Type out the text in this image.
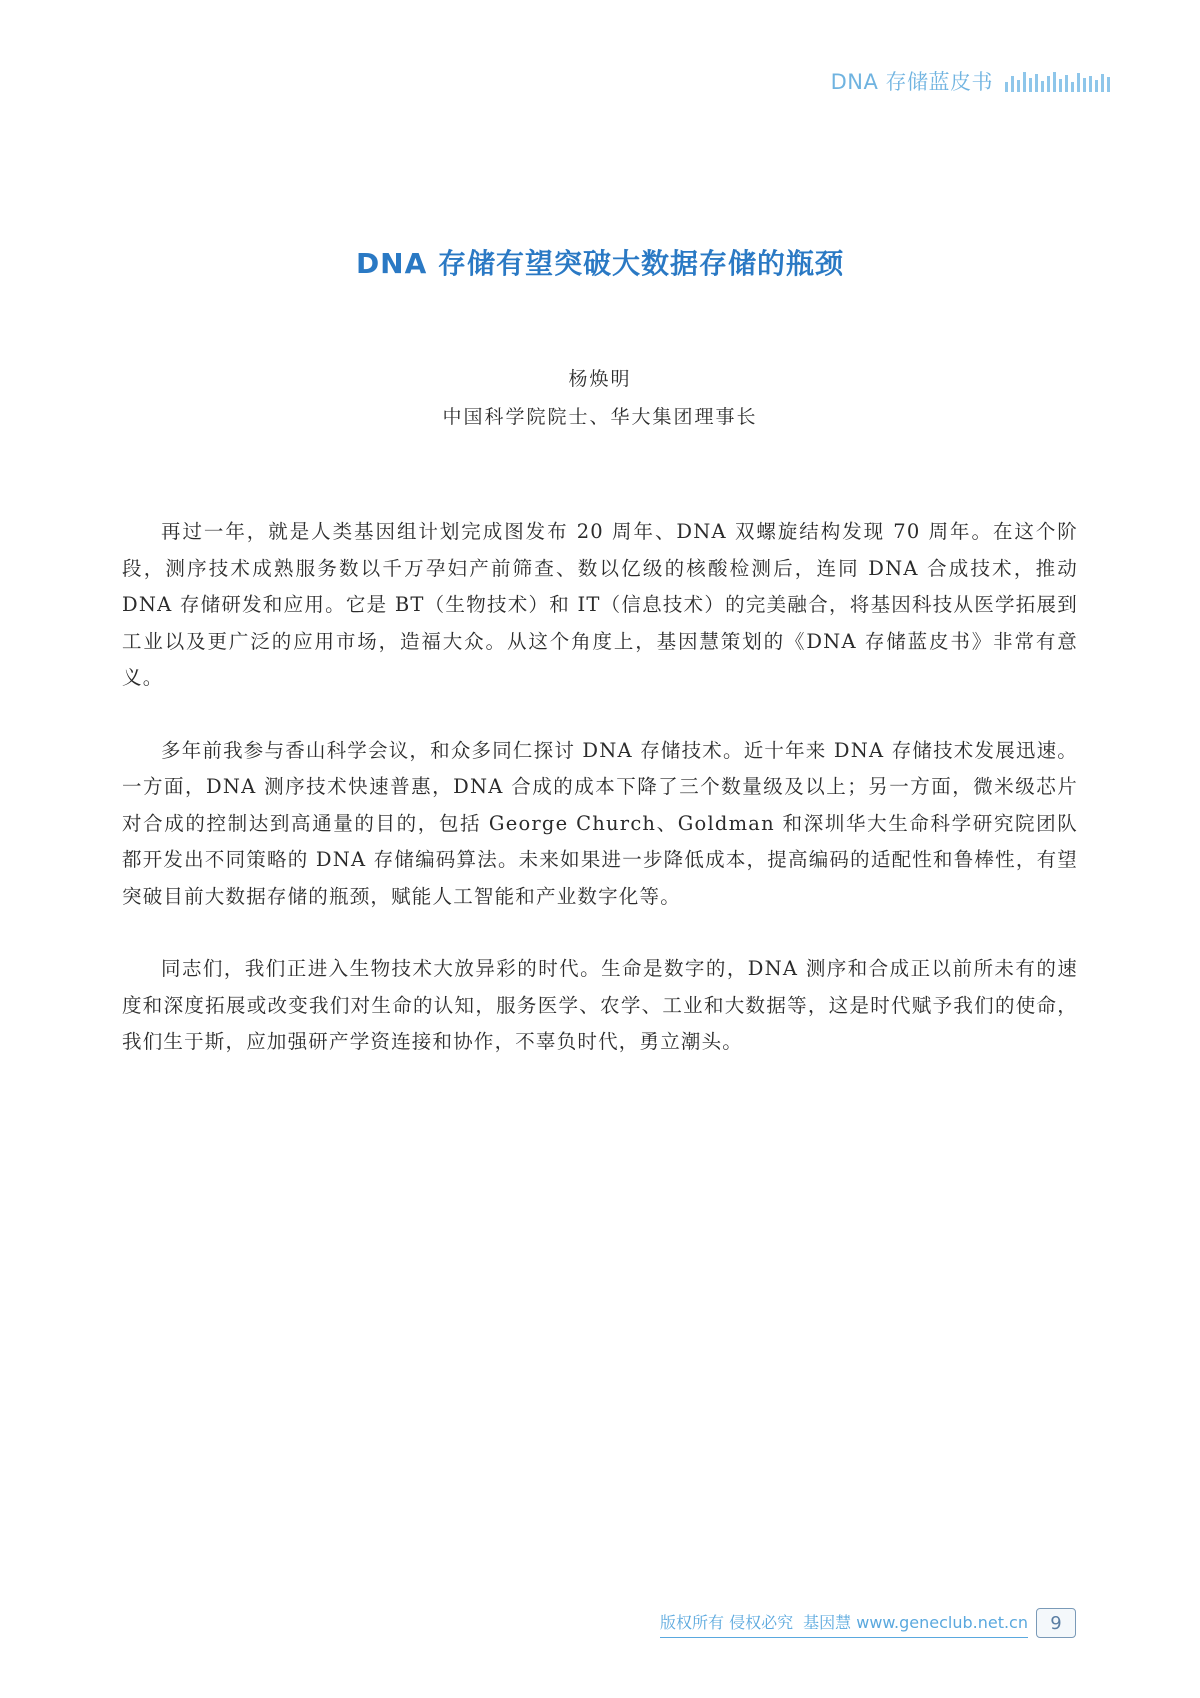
DNA 存储蓝皮书
DNA 存储有望突破大数据存储的瓶颈
杨焕明
中国科学院院士、华大集团理事长

再过一年，就是人类基因组计划完成图发布 20 周年、DNA 双螺旋结构发现 70 周年。在这个阶段，测序技术成熟服务数以千万孕妇产前筛查、数以亿级的核酸检测后，连同 DNA 合成技术，推动 DNA 存储研发和应用。它是 BT（生物技术）和 IT（信息技术）的完美融合，将基因科技从医学拓展到工业以及更广泛的应用市场，造福大众。从这个角度上，基因慧策划的《DNA 存储蓝皮书》非常有意义。

多年前我参与香山科学会议，和众多同仁探讨 DNA 存储技术。近十年来 DNA 存储技术发展迅速。一方面，DNA 测序技术快速普惠，DNA 合成的成本下降了三个数量级及以上；另一方面，微米级芯片对合成的控制达到高通量的目的，包括 George Church、Goldman 和深圳华大生命科学研究院团队都开发出不同策略的 DNA 存储编码算法。未来如果进一步降低成本，提高编码的适配性和鲁棒性，有望突破目前大数据存储的瓶颈，赋能人工智能和产业数字化等。

同志们，我们正进入生物技术大放异彩的时代。生命是数字的，DNA 测序和合成正以前所未有的速度和深度拓展或改变我们对生命的认知，服务医学、农学、工业和大数据等，这是时代赋予我们的使命，我们生于斯，应加强研产学资连接和协作，不辜负时代，勇立潮头。

版权所有 侵权必究 基因慧 www.geneclub.net.cn	9
